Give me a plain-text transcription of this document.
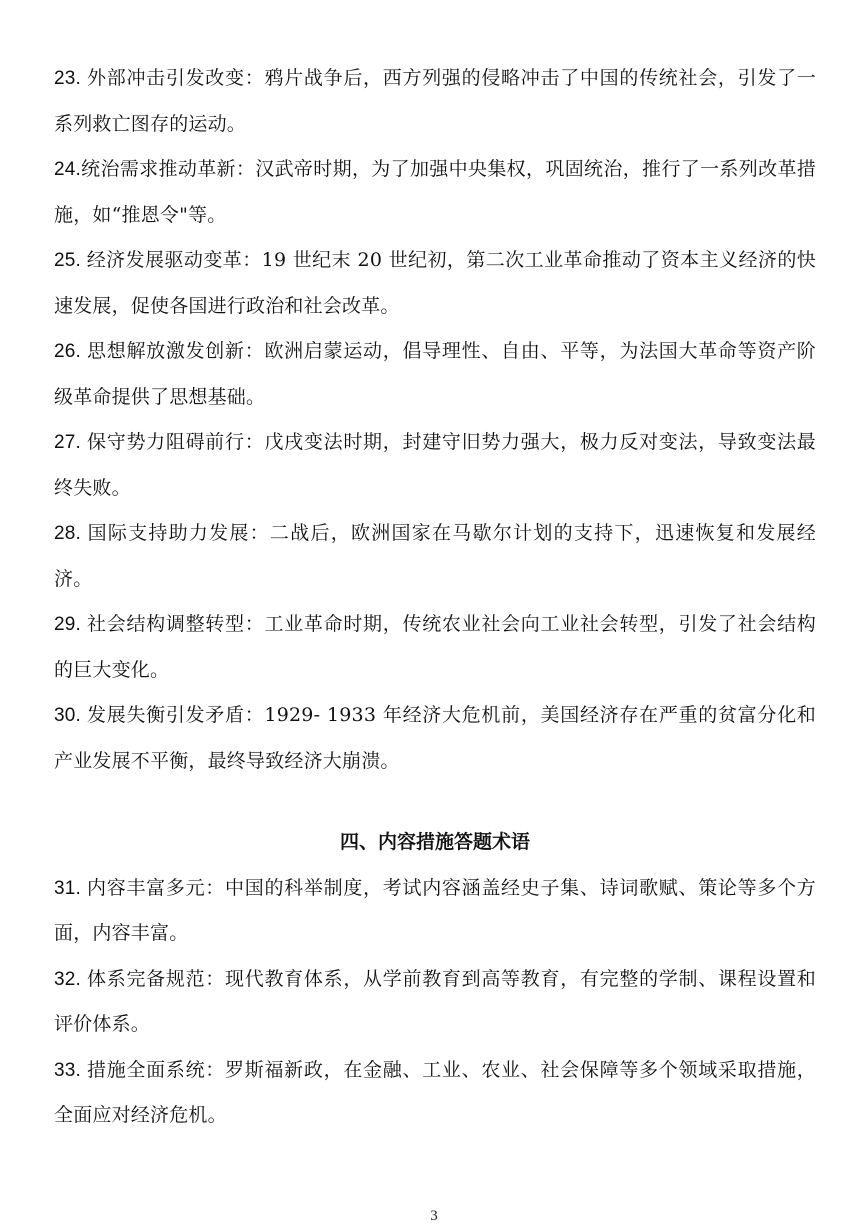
23. 外部冲击引发改变：鸦片战争后，西方列强的侵略冲击了中国的传统社会，引发了一系列救亡图存的运动。

24.统治需求推动革新：汉武帝时期，为了加强中央集权，巩固统治，推行了一系列改革措施，如“推恩令"等。

25. 经济发展驱动变革：19 世纪末 20 世纪初，第二次工业革命推动了资本主义经济的快速发展，促使各国进行政治和社会改革。

26. 思想解放激发创新：欧洲启蒙运动，倡导理性、自由、平等，为法国大革命等资产阶级革命提供了思想基础。

27. 保守势力阻碍前行：戊戌变法时期，封建守旧势力强大，极力反对变法，导致变法最终失败。

28. 国际支持助力发展：二战后，欧洲国家在马歇尔计划的支持下，迅速恢复和发展经济。

29. 社会结构调整转型：工业革命时期，传统农业社会向工业社会转型，引发了社会结构的巨大变化。

30. 发展失衡引发矛盾：1929- 1933 年经济大危机前，美国经济存在严重的贫富分化和产业发展不平衡，最终导致经济大崩溃。

四、内容措施答题术语

31. 内容丰富多元：中国的科举制度，考试内容涵盖经史子集、诗词歌赋、策论等多个方面，内容丰富。

32. 体系完备规范：现代教育体系，从学前教育到高等教育，有完整的学制、课程设置和评价体系。

33. 措施全面系统：罗斯福新政，在金融、工业、农业、社会保障等多个领域采取措施，全面应对经济危机。

3
